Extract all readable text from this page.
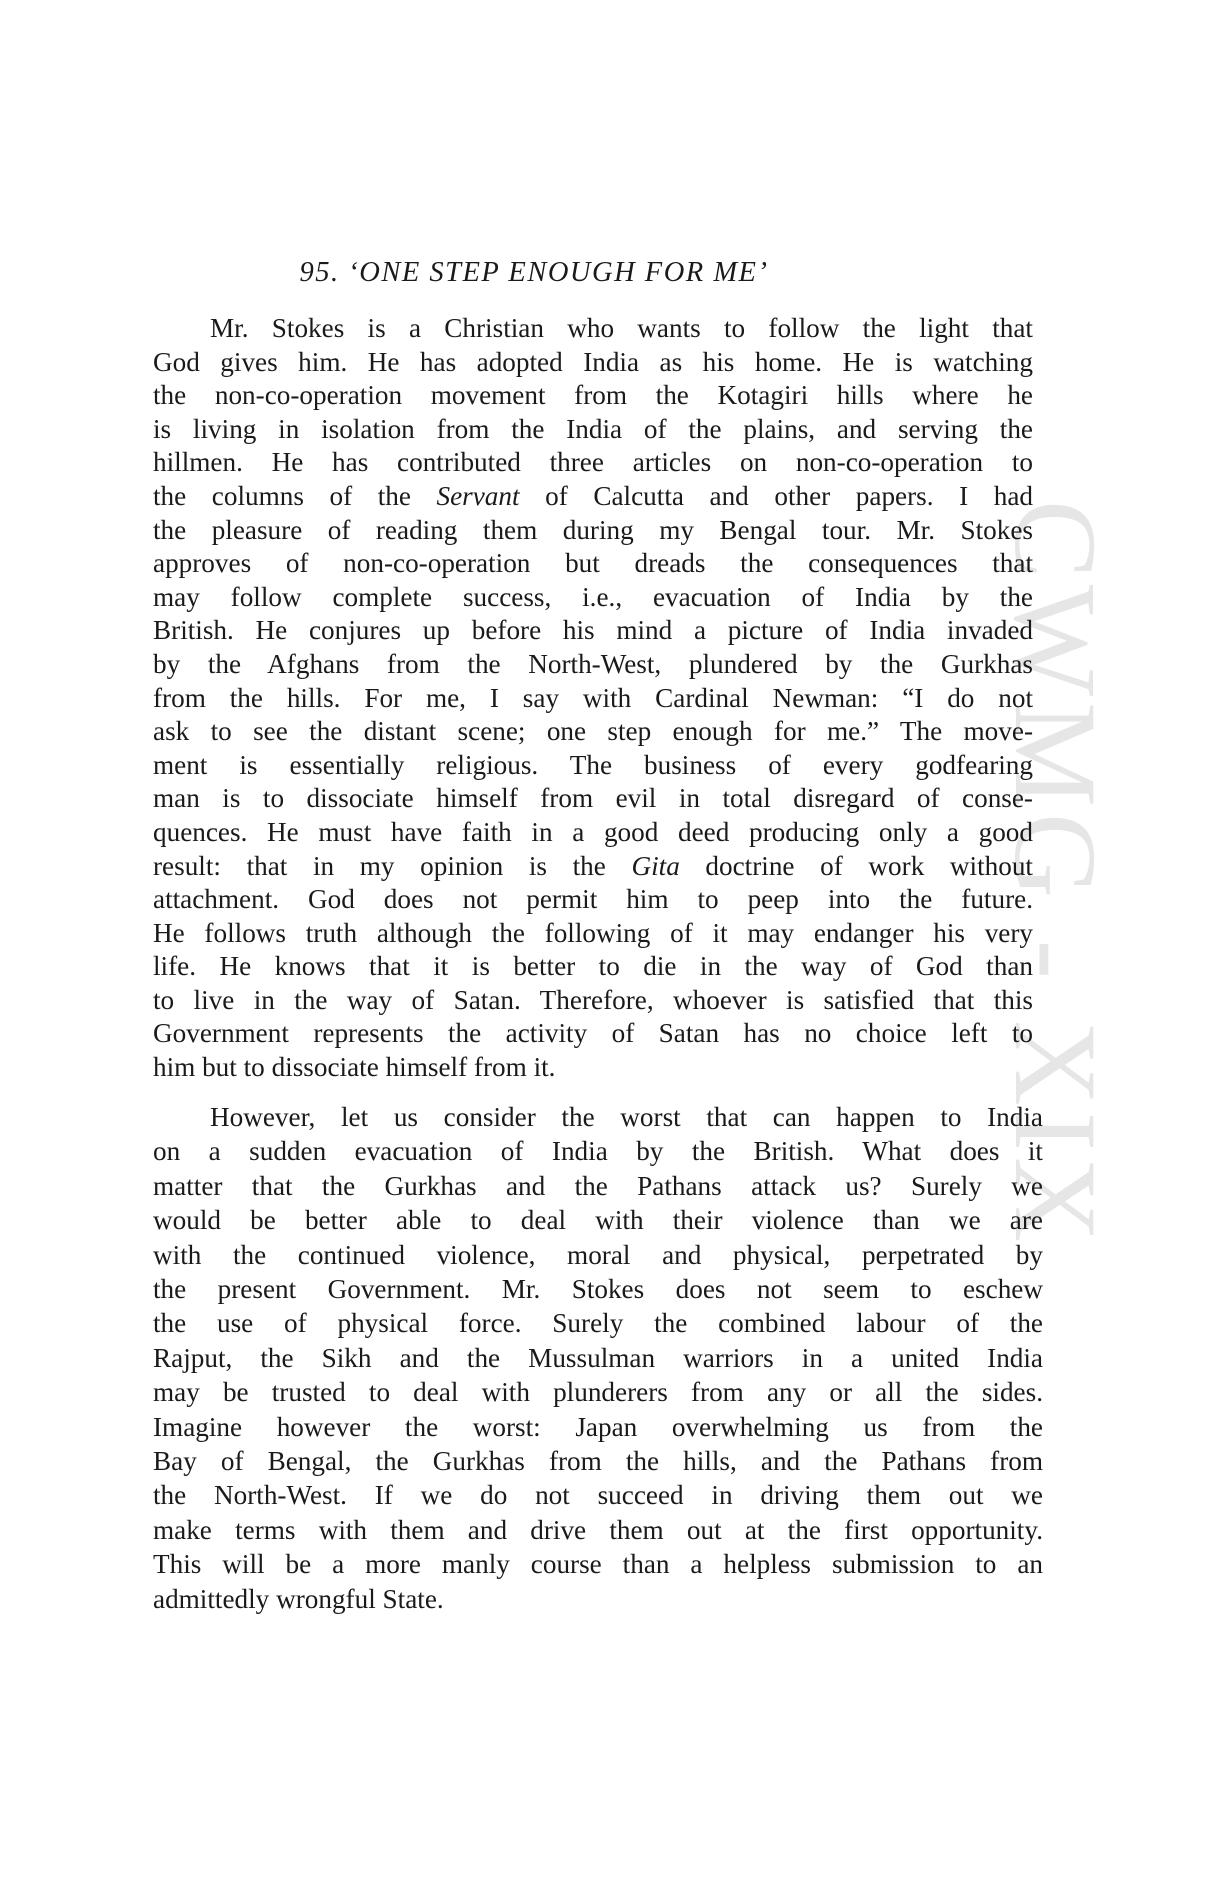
CWMG - XIX
95. ‘ONE STEP ENOUGH FOR ME’

Mr. Stokes is a Christian who wants to follow the light that
God gives him. He has adopted India as his home. He is watching
the non-co-operation movement from the Kotagiri hills where he
is living in isolation from the India of the plains, and serving the
hillmen. He has contributed three articles on non-co-operation to
the columns of the Servant of Calcutta and other papers. I had
the pleasure of reading them during my Bengal tour. Mr. Stokes
approves of non-co-operation but dreads the consequences that
may follow complete success, i.e., evacuation of India by the
British. He conjures up before his mind a picture of India invaded
by the Afghans from the North-West, plundered by the Gurkhas
from the hills. For me, I say with Cardinal Newman: “I do not
ask to see the distant scene; one step enough for me.” The move-
ment is essentially religious. The business of every godfearing
man is to dissociate himself from evil in total disregard of conse-
quences. He must have faith in a good deed producing only a good
result: that in my opinion is the Gita doctrine of work without
attachment. God does not permit him to peep into the future.
He follows truth although the following of it may endanger his very
life. He knows that it is better to die in the way of God than
to live in the way of Satan. Therefore, whoever is satisfied that this
Government represents the activity of Satan has no choice left to
him but to dissociate himself from it.

However, let us consider the worst that can happen to India
on a sudden evacuation of India by the British. What does it
matter that the Gurkhas and the Pathans attack us? Surely we
would be better able to deal with their violence than we are
with the continued violence, moral and physical, perpetrated by
the present Government. Mr. Stokes does not seem to eschew
the use of physical force. Surely the combined labour of the
Rajput, the Sikh and the Mussulman warriors in a united India
may be trusted to deal with plunderers from any or all the sides.
Imagine however the worst: Japan overwhelming us from the
Bay of Bengal, the Gurkhas from the hills, and the Pathans from
the North-West. If we do not succeed in driving them out we
make terms with them and drive them out at the first opportunity.
This will be a more manly course than a helpless submission to an
admittedly wrongful State.
